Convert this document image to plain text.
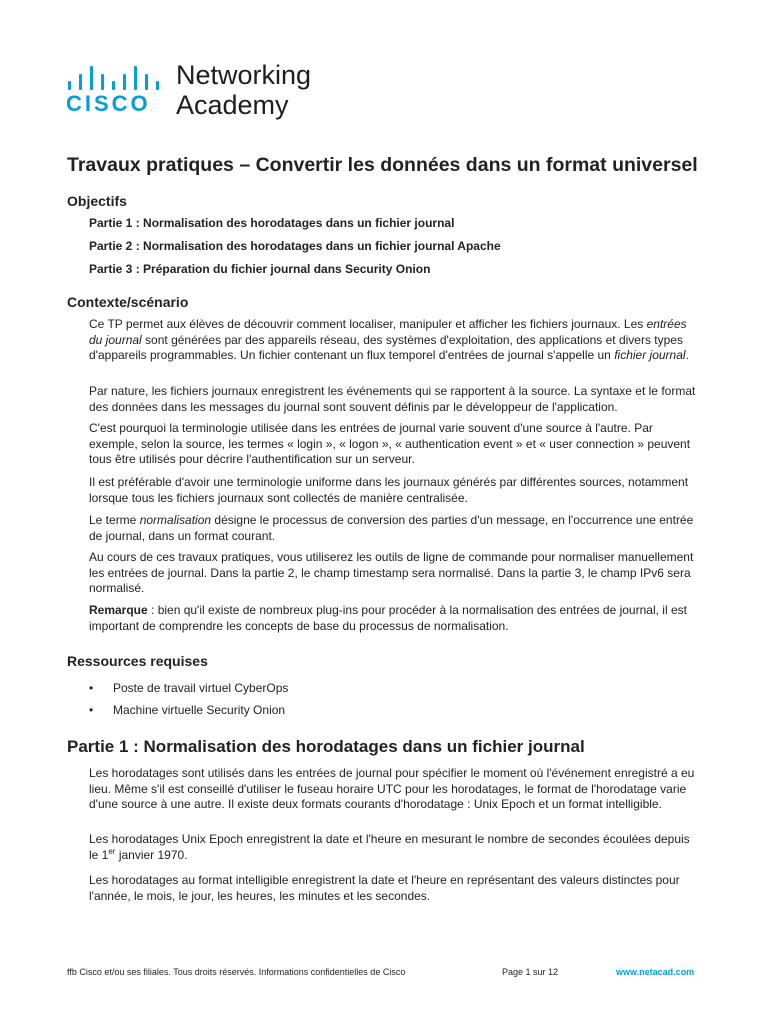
CISCO.
Networking
Academy
Travaux pratiques – Convertir les données dans un format universel
Objectifs

Partie 1 : Normalisation des horodatages dans un fichier journal

Partie 2 : Normalisation des horodatages dans un fichier journal Apache

Partie 3 : Préparation du fichier journal dans Security Onion

Contexte/scénario

Ce TP permet aux élèves de découvrir comment localiser, manipuler et afficher les fichiers journaux. Les entrées du journal sont générées par des appareils réseau, des systèmes d'exploitation, des applications et divers types d'appareils programmables. Un fichier contenant un flux temporel d'entrées de journal s'appelle un fichier journal.

Par nature, les fichiers journaux enregistrent les événements qui se rapportent à la source. La syntaxe et le format des données dans les messages du journal sont souvent définis par le développeur de l'application.

C'est pourquoi la terminologie utilisée dans les entrées de journal varie souvent d'une source à l'autre. Par exemple, selon la source, les termes « login », « logon », « authentication event » et « user connection » peuvent tous être utilisés pour décrire l'authentification sur un serveur.

Il est préférable d'avoir une terminologie uniforme dans les journaux générés par différentes sources, notamment lorsque tous les fichiers journaux sont collectés de manière centralisée.

Le terme normalisation désigne le processus de conversion des parties d'un message, en l'occurrence une entrée de journal, dans un format courant.

Au cours de ces travaux pratiques, vous utiliserez les outils de ligne de commande pour normaliser manuellement les entrées de journal. Dans la partie 2, le champ timestamp sera normalisé. Dans la partie 3, le champ IPv6 sera normalisé.

Remarque : bien qu'il existe de nombreux plug-ins pour procéder à la normalisation des entrées de journal, il est important de comprendre les concepts de base du processus de normalisation.

Ressources requises

• Poste de travail virtuel CyberOps

• Machine virtuelle Security Onion

Partie 1 : Normalisation des horodatages dans un fichier journal

Les horodatages sont utilisés dans les entrées de journal pour spécifier le moment où l'événement enregistré a eu lieu. Même s'il est conseillé d'utiliser le fuseau horaire UTC pour les horodatages, le format de l'horodatage varie d'une source à une autre. Il existe deux formats courants d'horodatage : Unix Epoch et un format intelligible.

Les horodatages Unix Epoch enregistrent la date et l'heure en mesurant le nombre de secondes écoulées depuis le 1er janvier 1970.

Les horodatages au format intelligible enregistrent la date et l'heure en représentant des valeurs distinctes pour l'année, le mois, le jour, les heures, les minutes et les secondes.

ffb Cisco et/ou ses filiales. Tous droits réservés. Informations confidentielles de Cisco	Page 1 sur 12	www.netacad.com
